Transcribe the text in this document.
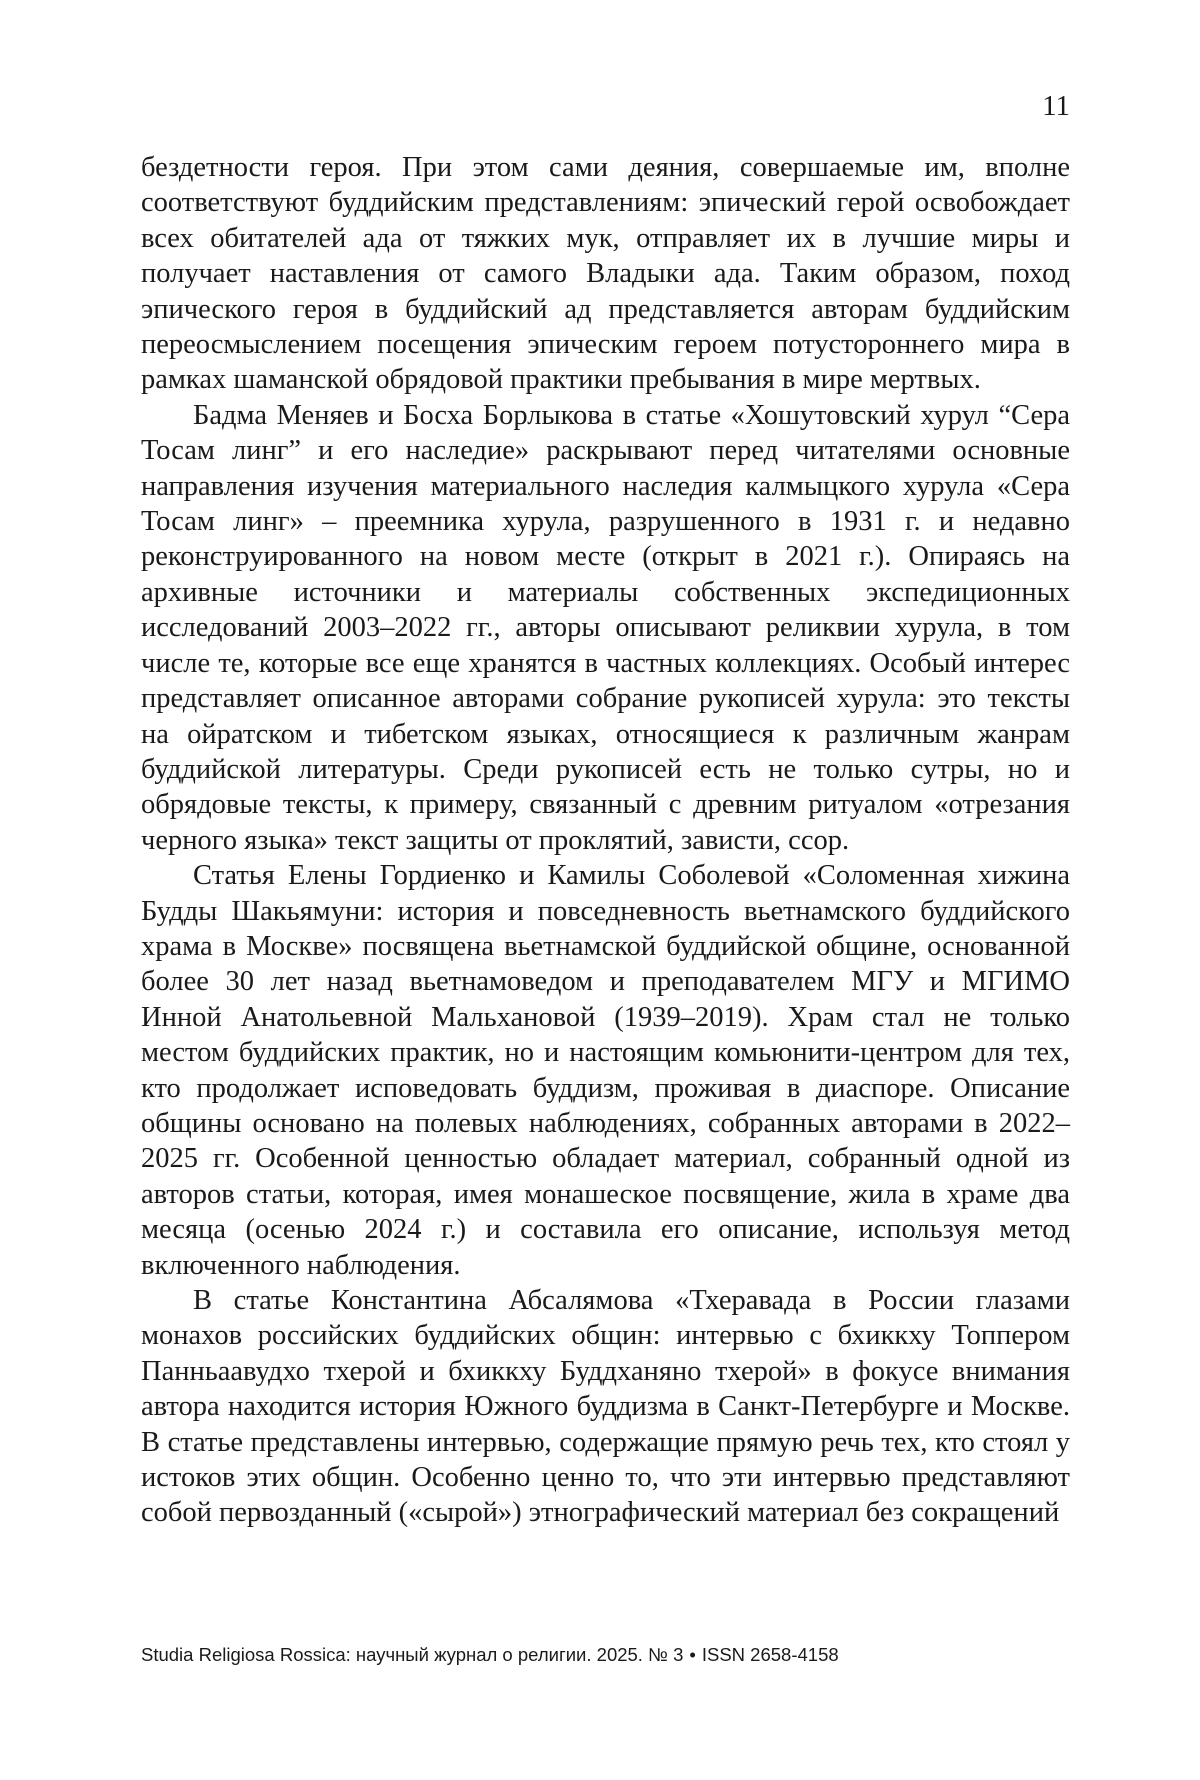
11

бездетности героя. При этом сами деяния, совершаемые им, вполне соответствуют буддийским представлениям: эпический герой освобождает всех обитателей ада от тяжких мук, отправляет их в лучшие миры и получает наставления от самого Владыки ада. Таким образом, поход эпического героя в буддийский ад представляется авторам буддийским переосмыслением посещения эпическим героем потустороннего мира в рамках шаманской обрядовой практики пребывания в мире мертвых.

Бадма Меняев и Босха Борлыкова в статье «Хошутовский хурул “Сера Тосам линг” и его наследие» раскрывают перед читателями основные направления изучения материального наследия калмыцкого хурула «Сера Тосам линг» – преемника хурула, разрушенного в 1931 г. и недавно реконструированного на новом месте (открыт в 2021 г.). Опираясь на архивные источники и материалы собственных экспедиционных исследований 2003–2022 гг., авторы описывают реликвии хурула, в том числе те, которые все еще хранятся в частных коллекциях. Особый интерес представляет описанное авторами собрание рукописей хурула: это тексты на ойратском и тибетском языках, относящиеся к различным жанрам буддийской литературы. Среди рукописей есть не только сутры, но и обрядовые тексты, к примеру, связанный с древним ритуалом «отрезания черного языка» текст защиты от проклятий, зависти, ссор.

Статья Елены Гордиенко и Камилы Соболевой «Соломенная хижина Будды Шакьямуни: история и повседневность вьетнамского буддийского храма в Москве» посвящена вьетнамской буддийской общине, основанной более 30 лет назад вьетнамоведом и преподавателем МГУ и МГИМО Инной Анатольевной Мальхановой (1939–2019). Храм стал не только местом буддийских практик, но и настоящим комьюнити-центром для тех, кто продолжает исповедовать буддизм, проживая в диаспоре. Описание общины основано на полевых наблюдениях, собранных авторами в 2022–2025 гг. Особенной ценностью обладает материал, собранный одной из авторов статьи, которая, имея монашеское посвящение, жила в храме два месяца (осенью 2024 г.) и составила его описание, используя метод включенного наблюдения.

В статье Константина Абсалямова «Тхеравада в России глазами монахов российских буддийских общин: интервью с бхиккху Топпером Панньаавудхо тхерой и бхиккху Буддханяно тхерой» в фокусе внимания автора находится история Южного буддизма в Санкт-Петербурге и Москве. В статье представлены интервью, содержащие прямую речь тех, кто стоял у истоков этих общин. Особенно ценно то, что эти интервью представляют собой первозданный («сырой») этнографический материал без сокращений

Studia Religiosa Rossica: научный журнал о религии. 2025. № 3 • ISSN 2658-4158
